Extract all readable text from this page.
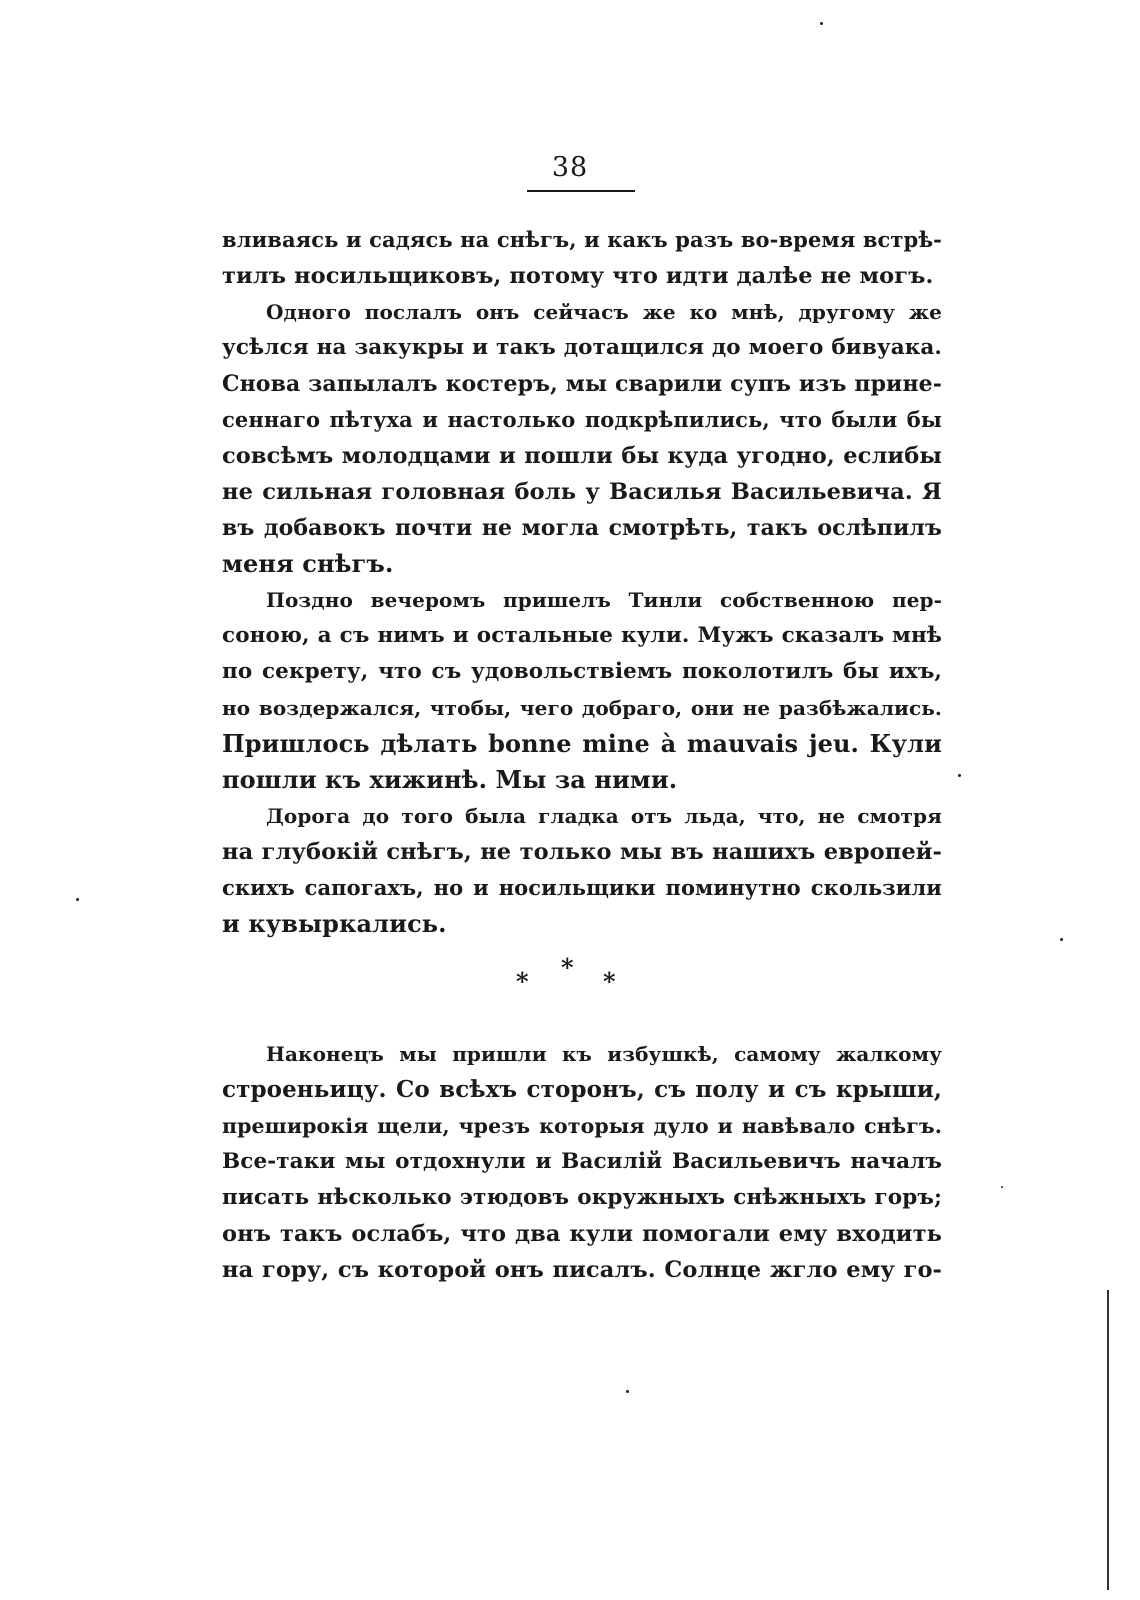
38
вливаясь и садясь на снѣгъ, и какъ разъ во-время встрѣ-
тилъ носильщиковъ, потому что идти далѣе не могъ.
Одного послалъ онъ сейчасъ же ко мнѣ, другому же
усѣлся на закукры и такъ дотащился до моего бивуака.
Снова запылалъ костеръ, мы сварили супъ изъ прине-
сеннаго пѣтуха и настолько подкрѣпились, что были бы
совсѣмъ молодцами и пошли бы куда угодно, еслибы
не сильная головная боль у Василья Васильевича. Я
въ добавокъ почти не могла смотрѣть, такъ ослѣпилъ
меня снѣгъ.
Поздно вечеромъ пришелъ Тинли собственною пер-
соною, а съ нимъ и остальные кули. Мужъ сказалъ мнѣ
по секрету, что съ удовольствіемъ поколотилъ бы ихъ,
но воздержался, чтобы, чего добраго, они не разбѣжались.
Пришлось дѣлать bonne mine à mauvais jeu. Кули
пошли къ хижинѣ. Мы за ними.
Дорога до того была гладка отъ льда, что, не смотря
на глубокій снѣгъ, не только мы въ нашихъ европей-
скихъ сапогахъ, но и носильщики поминутно скользили
и кувыркались.
* * *
Наконецъ мы пришли къ избушкѣ, самому жалкому
строеньицу. Со всѣхъ сторонъ, съ полу и съ крыши,
преширокія щели, чрезъ которыя дуло и навѣвало снѣгъ.
Все-таки мы отдохнули и Василій Васильевичъ началъ
писать нѣсколько этюдовъ окружныхъ снѣжныхъ горъ;
онъ такъ ослабъ, что два кули помогали ему входить
на гору, съ которой онъ писалъ. Солнце жгло ему го-
